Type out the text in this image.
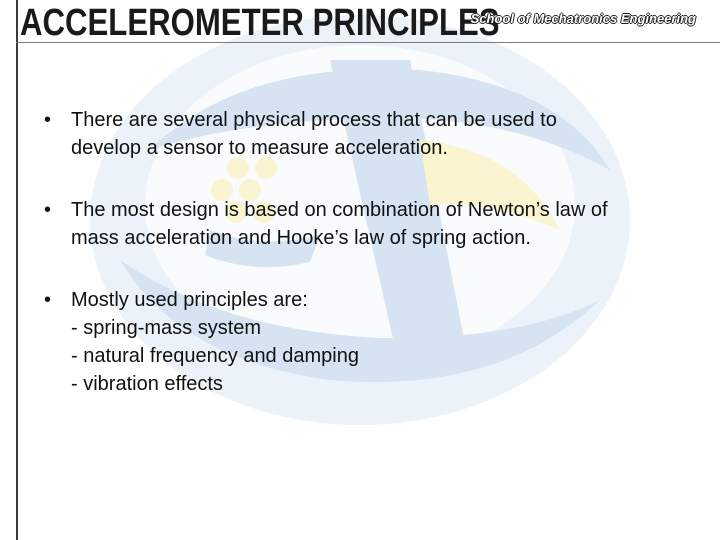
ACCELEROMETER PRINCIPLES
School of Mechatronics Engineering
• There are several physical process that can be used to
develop a sensor to measure acceleration.
• The most design is based on combination of Newton’s law of
mass acceleration and Hooke’s law of spring action.
• Mostly used principles are:
- spring-mass system
- natural frequency and damping
- vibration effects
